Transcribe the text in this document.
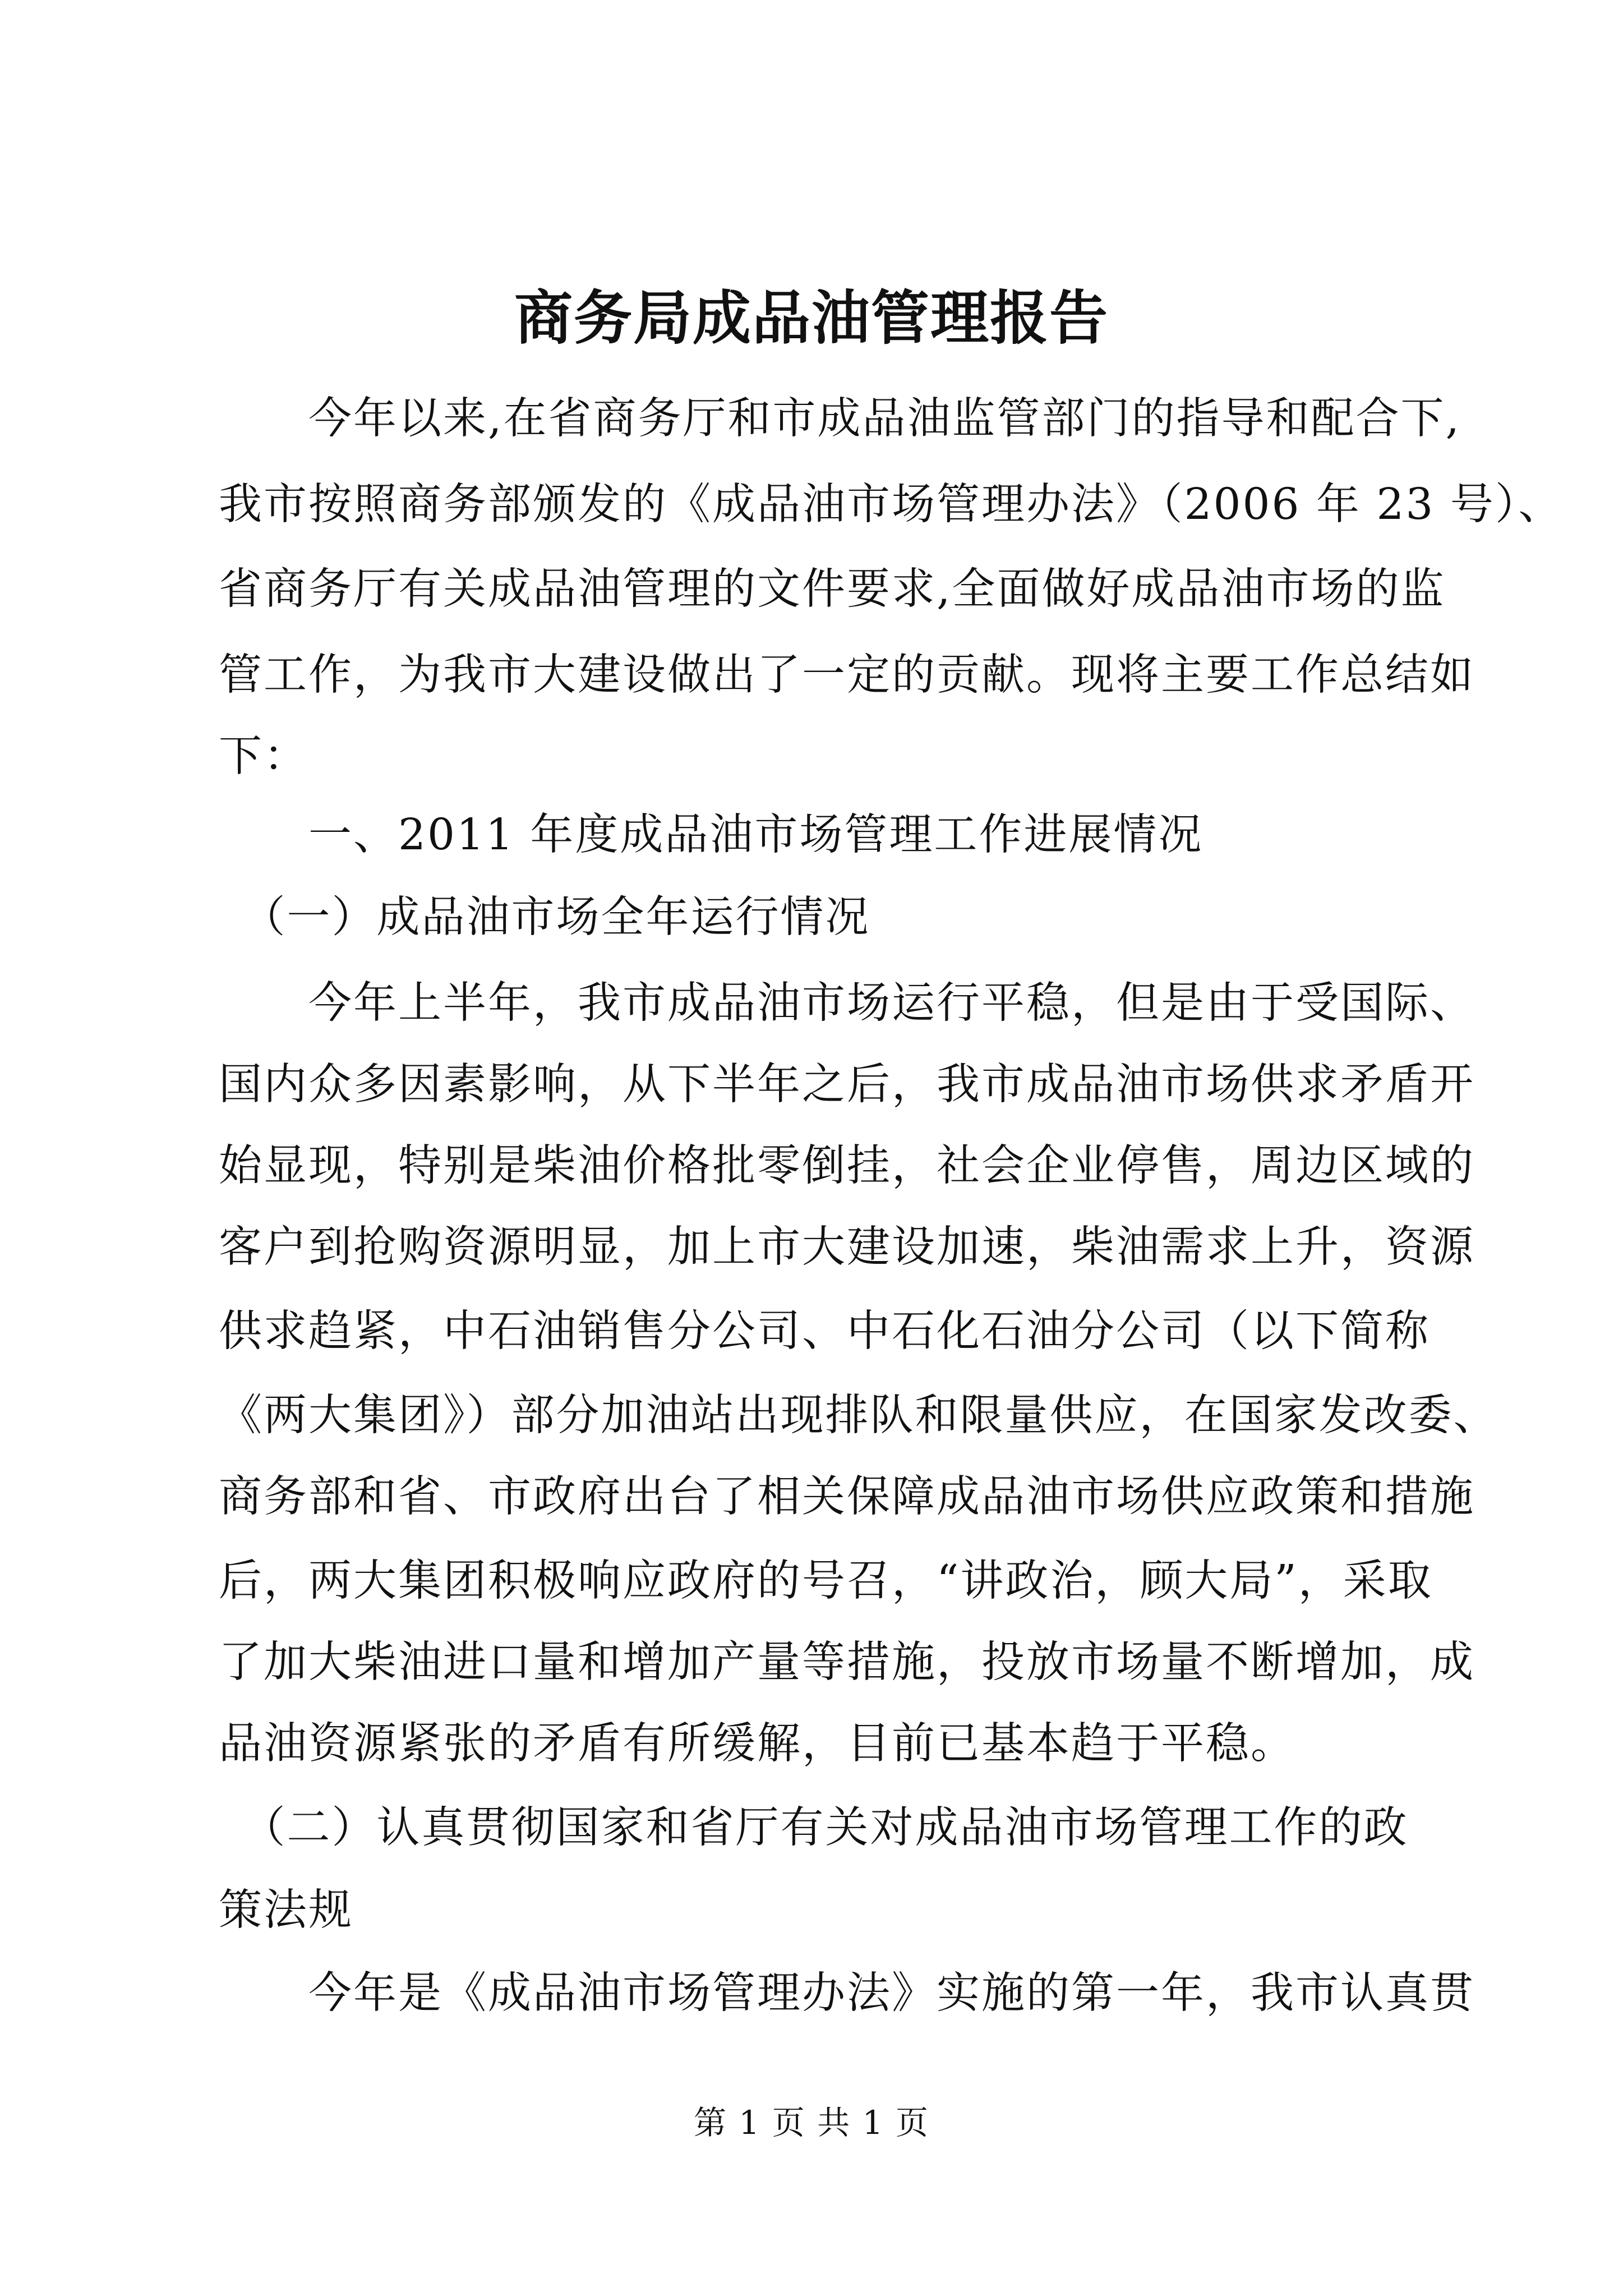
商务局成品油管理报告
　　今年以来,在省商务厅和市成品油监管部门的指导和配合下,
我市按照商务部颁发的《成品油市场管理办法》（2006 年 23 号）、
省商务厅有关成品油管理的文件要求,全面做好成品油市场的监
管工作，为我市大建设做出了一定的贡献。现将主要工作总结如
下：
　　一、2011 年度成品油市场管理工作进展情况
　（一）成品油市场全年运行情况
　　今年上半年，我市成品油市场运行平稳，但是由于受国际、
国内众多因素影响，从下半年之后，我市成品油市场供求矛盾开
始显现，特别是柴油价格批零倒挂，社会企业停售，周边区域的
客户到抢购资源明显，加上市大建设加速，柴油需求上升，资源
供求趋紧，中石油销售分公司、中石化石油分公司（以下简称
《两大集团》）部分加油站出现排队和限量供应，在国家发改委、
商务部和省、市政府出台了相关保障成品油市场供应政策和措施
后，两大集团积极响应政府的号召，“讲政治，顾大局”，采取
了加大柴油进口量和增加产量等措施，投放市场量不断增加，成
品油资源紧张的矛盾有所缓解，目前已基本趋于平稳。
　（二）认真贯彻国家和省厅有关对成品油市场管理工作的政
策法规
　　今年是《成品油市场管理办法》实施的第一年，我市认真贯
第 1 页 共 1 页
